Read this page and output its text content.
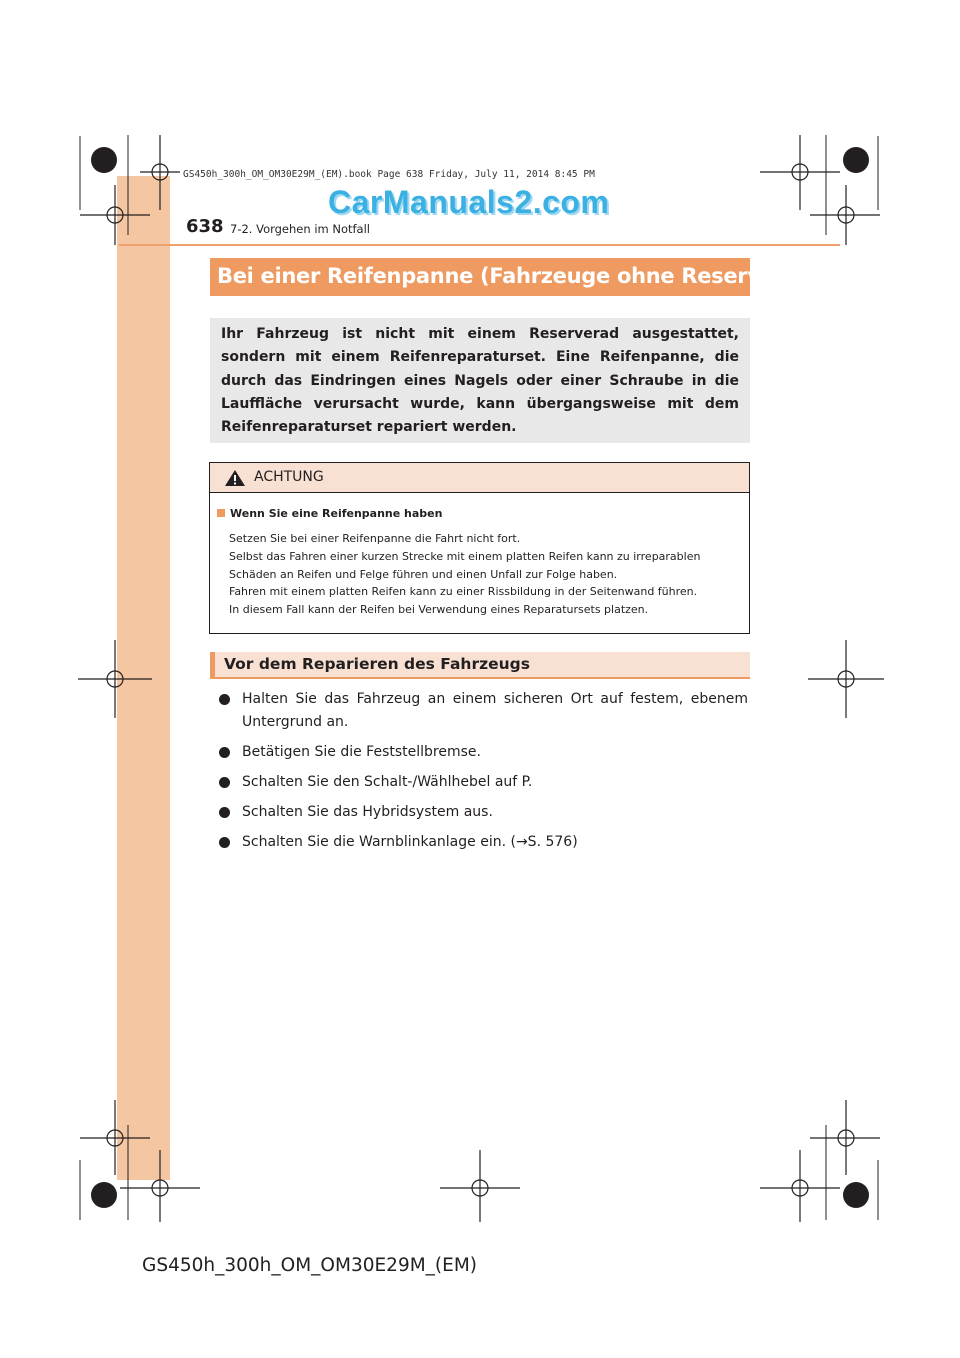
GS450h_300h_OM_OM30E29M_(EM).book Page 638 Friday, July 11, 2014 8:45 PM
CarManuals2.com
638 7-2. Vorgehen im Notfall
Bei einer Reifenpanne (Fahrzeuge ohne Reserverad)

Ihr Fahrzeug ist nicht mit einem Reserverad ausgestattet, sondern mit einem Reifenreparaturset. Eine Reifenpanne, die durch das Eindringen eines Nagels oder einer Schraube in die Lauffläche verursacht wurde, kann übergangsweise mit dem Reifenreparaturset repariert werden.

ACHTUNG
Wenn Sie eine Reifenpanne haben
Setzen Sie bei einer Reifenpanne die Fahrt nicht fort.
Selbst das Fahren einer kurzen Strecke mit einem platten Reifen kann zu irreparablen
Schäden an Reifen und Felge führen und einen Unfall zur Folge haben.
Fahren mit einem platten Reifen kann zu einer Rissbildung in der Seitenwand führen.
In diesem Fall kann der Reifen bei Verwendung eines Reparatursets platzen.
Vor dem Reparieren des Fahrzeugs
Halten Sie das Fahrzeug an einem sicheren Ort auf festem, ebenem Untergrund an.
Betätigen Sie die Feststellbremse.
Schalten Sie den Schalt-/Wählhebel auf P.
Schalten Sie das Hybridsystem aus.
Schalten Sie die Warnblinkanlage ein. (→S. 576)
GS450h_300h_OM_OM30E29M_(EM)
